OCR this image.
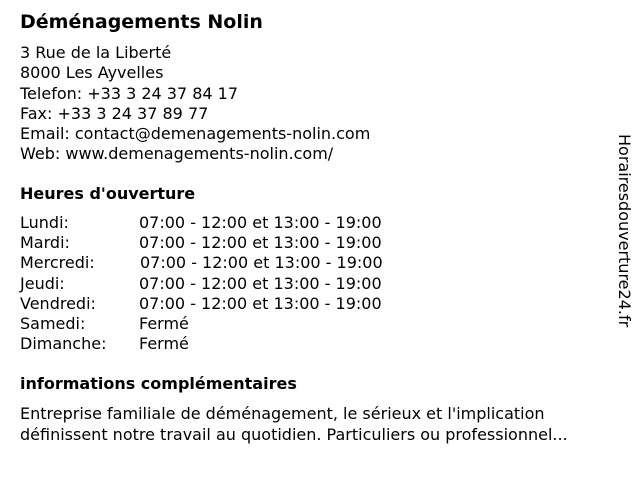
Déménagements Nolin
3 Rue de la Liberté
8000 Les Ayvelles
Telefon: +33 3 24 37 84 17
Fax: +33 3 24 37 89 77
Email: contact@demenagements-nolin.com
Web: www.demenagements-nolin.com/
Heures d'ouverture
Lundi:	07:00 - 12:00 et 13:00 - 19:00
Mardi:	07:00 - 12:00 et 13:00 - 19:00
Mercredi:	07:00 - 12:00 et 13:00 - 19:00
Jeudi:	07:00 - 12:00 et 13:00 - 19:00
Vendredi:	07:00 - 12:00 et 13:00 - 19:00
Samedi:	Fermé
Dimanche: Fermé
informations complémentaires
Entreprise familiale de déménagement, le sérieux et l'implication
définissent notre travail au quotidien. Particuliers ou professionnel...
Horairesdouverture24.fr
